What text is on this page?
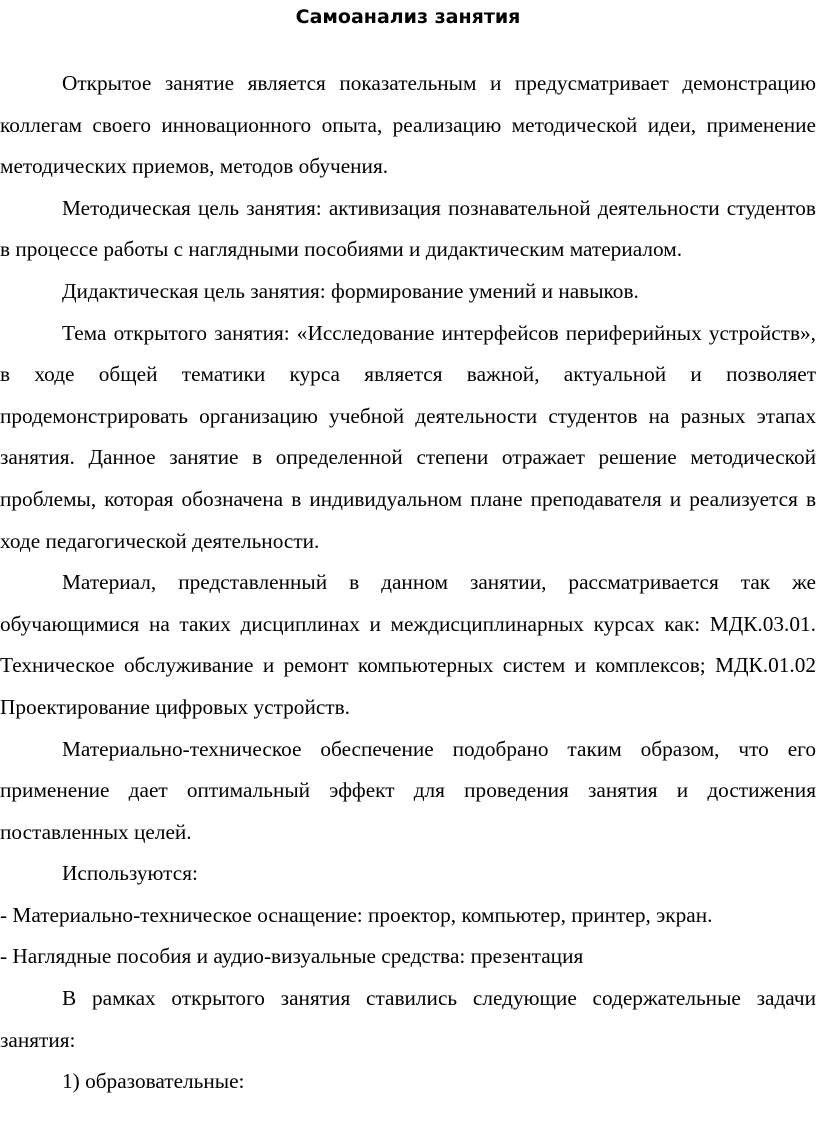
Самоанализ занятия

Открытое занятие является показательным и предусматривает демонстрацию коллегам своего инновационного опыта, реализацию методической идеи, применение методических приемов, методов обучения.

Методическая цель занятия: активизация познавательной деятельности студентов в процессе работы с наглядными пособиями и дидактическим материалом.

Дидактическая цель занятия: формирование умений и навыков.

Тема открытого занятия: «Исследование интерфейсов периферийных устройств», в ходе общей тематики курса является важной, актуальной и позволяет продемонстрировать организацию учебной деятельности студентов на разных этапах занятия. Данное занятие в определенной степени отражает решение методической проблемы, которая обозначена в индивидуальном плане преподавателя и реализуется в ходе педагогической деятельности.

Материал, представленный в данном занятии, рассматривается так же обучающимися на таких дисциплинах и междисциплинарных курсах как: МДК.03.01. Техническое обслуживание и ремонт компьютерных систем и комплексов; МДК.01.02 Проектирование цифровых устройств.

Материально-техническое обеспечение подобрано таким образом, что его применение дает оптимальный эффект для проведения занятия и достижения поставленных целей.

Используются:

- Материально-техническое оснащение: проектор, компьютер, принтер, экран.

- Наглядные пособия и аудио-визуальные средства: презентация

В рамках открытого занятия ставились следующие содержательные задачи занятия:

1) образовательные:
